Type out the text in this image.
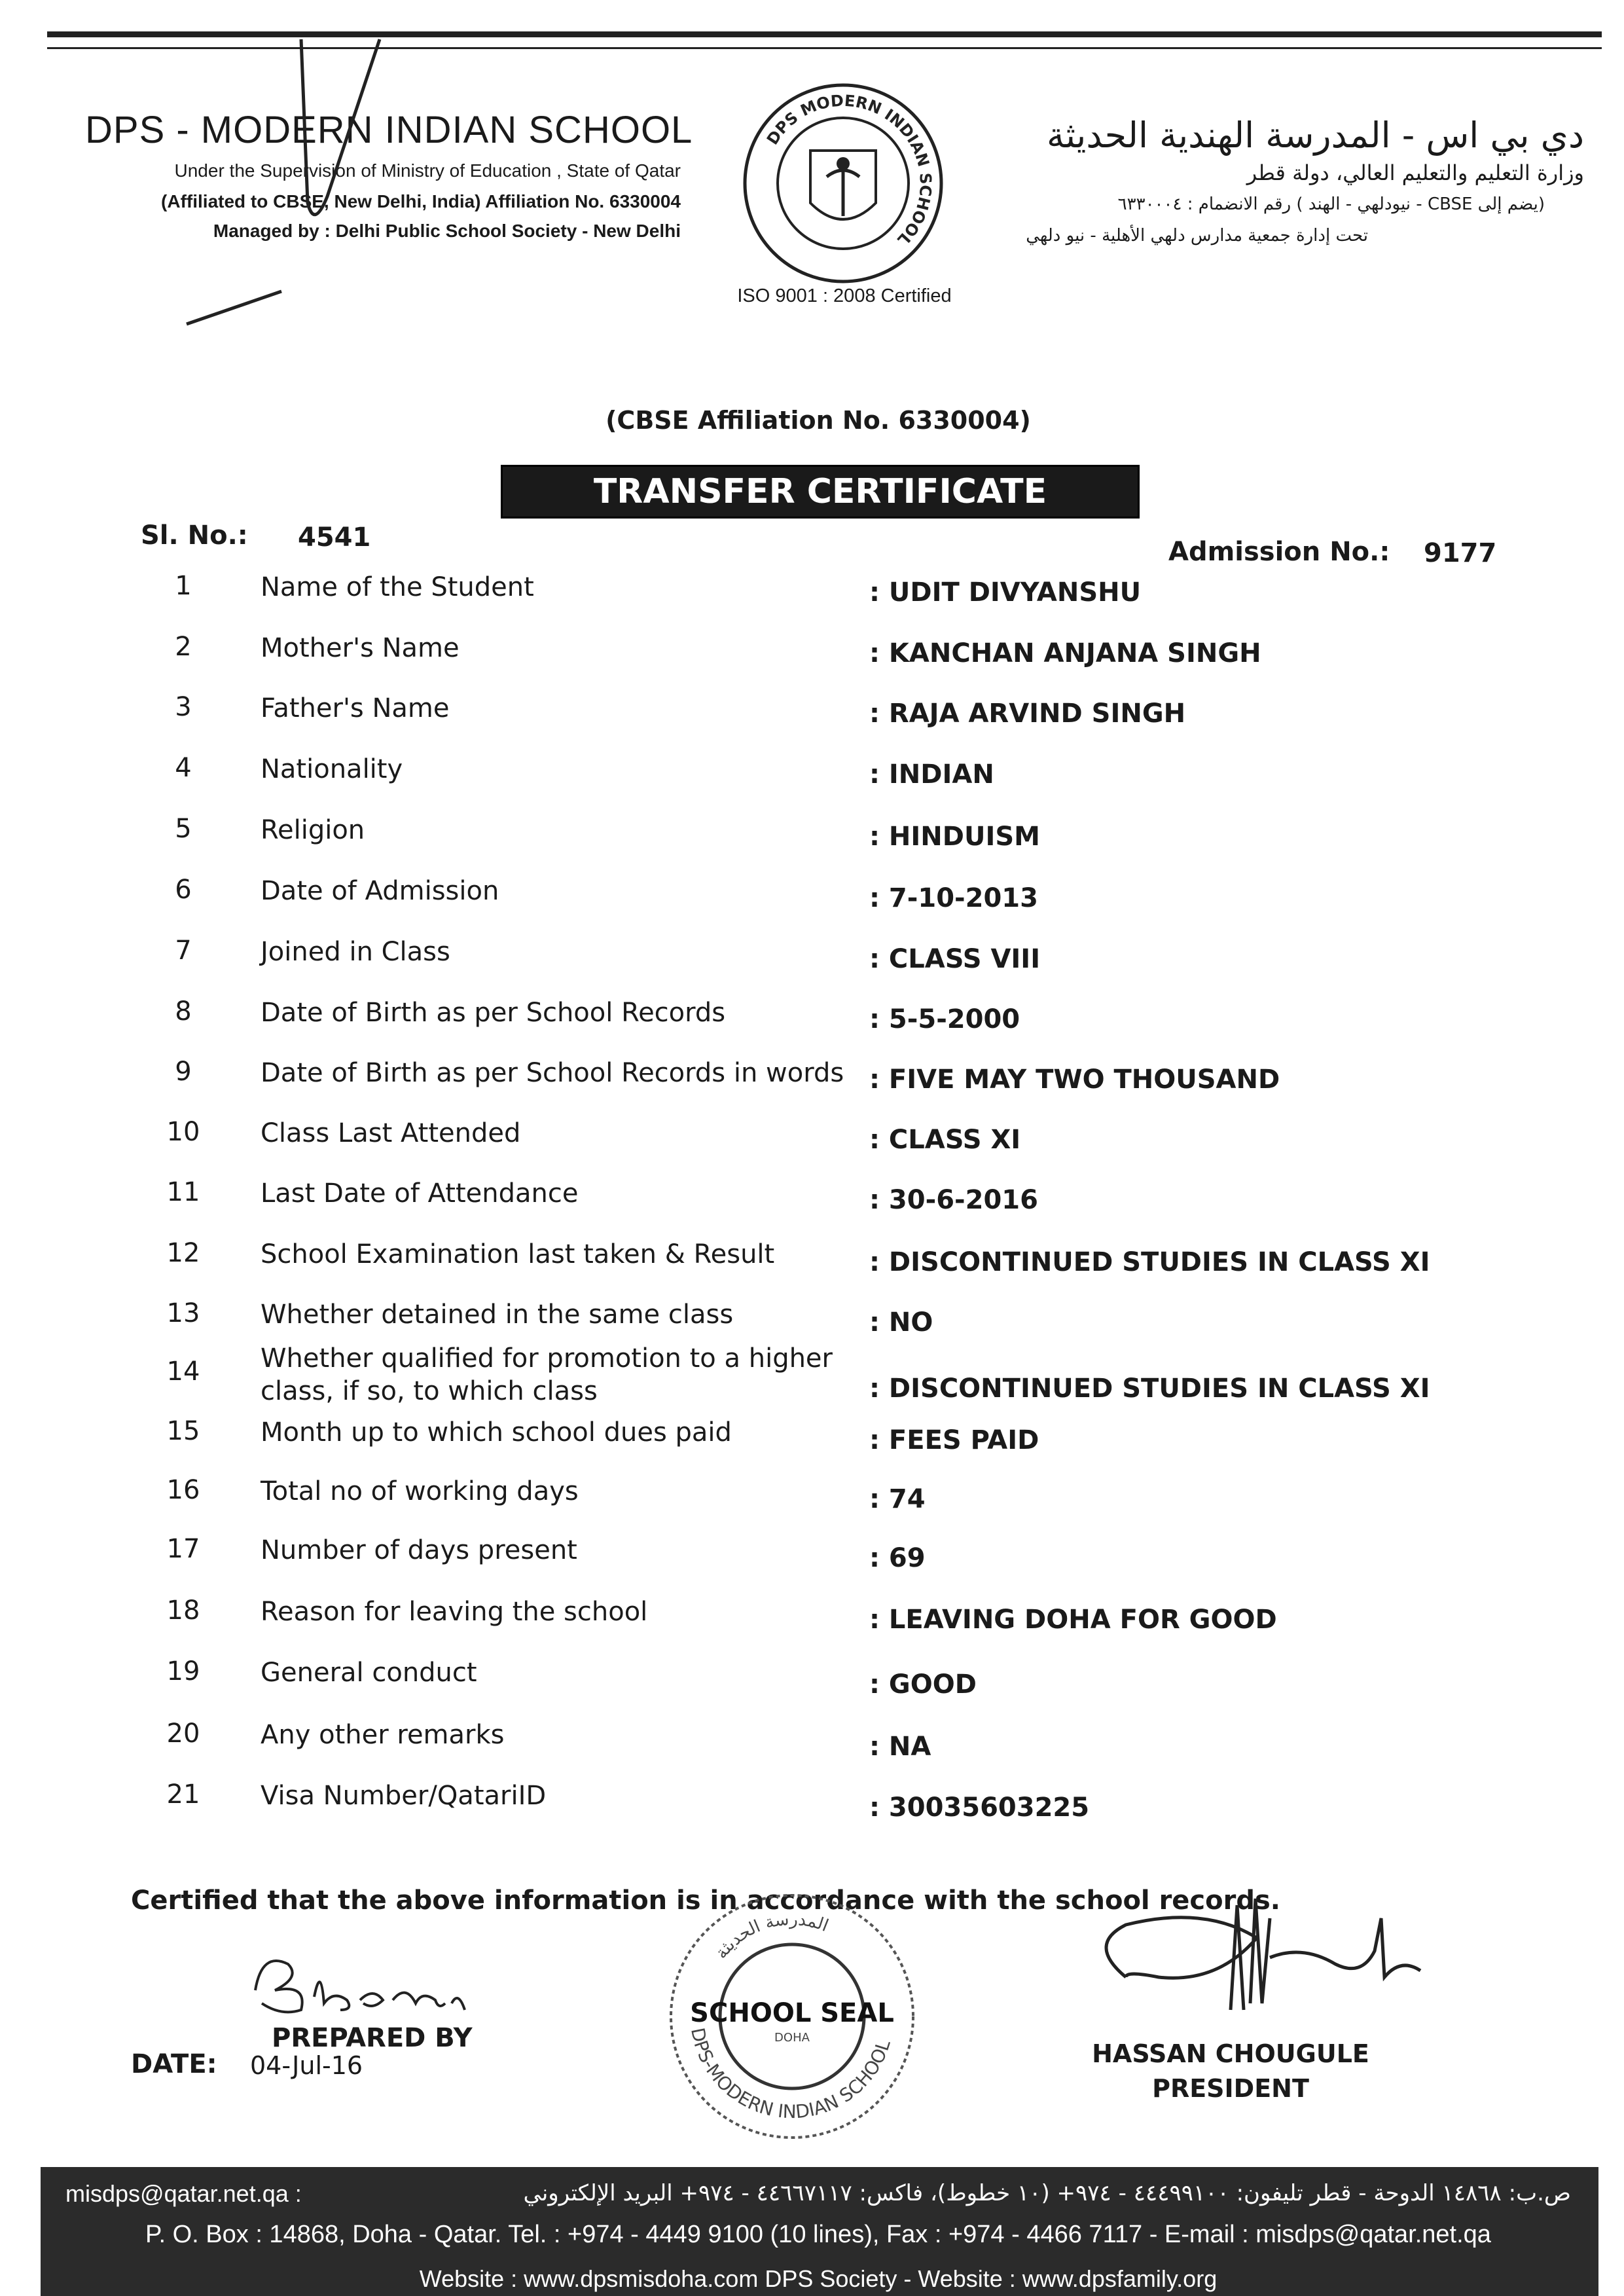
DPS - MODERN INDIAN SCHOOL
Under the Supervision of Ministry of Education , State of Qatar
(Affiliated to CBSE, New Delhi, India) Affiliation No. 6330004
Managed by : Delhi Public School Society - New Delhi
DPS MODERN INDIAN SCHOOL
ISO 9001 : 2008 Certified
دي بي اس - المدرسة الهندية الحديثة
وزارة التعليم والتعليم العالي، دولة قطر
(يضم إلى CBSE - نيودلهي - الهند ) رقم الانضمام : ٦٣٣٠٠٠٤
تحت إدارة جمعية مدارس دلهي الأهلية - نيو دلهي
(CBSE Affiliation No. 6330004)
TRANSFER CERTIFICATE
Sl. No.: 4541	Admission No.: 9177
1	Name of the Student	: UDIT DIVYANSHU
2	Mother's Name	: KANCHAN ANJANA SINGH
3	Father's Name	: RAJA ARVIND SINGH
4	Nationality	: INDIAN
5	Religion	: HINDUISM
6	Date of Admission	: 7-10-2013
7	Joined in Class	: CLASS VIII
8	Date of Birth as per School Records	: 5-5-2000
9	Date of Birth as per School Records in words : FIVE MAY TWO THOUSAND
10	Class Last Attended	: CLASS XI
11	Last Date of Attendance	: 30-6-2016
12	School Examination last taken & Result	: DISCONTINUED STUDIES IN CLASS XI
13	Whether detained in the same class	: NO
14	Whether qualified for promotion to a higher class, if so, to which class	: DISCONTINUED STUDIES IN CLASS XI
15	Month up to which school dues paid	: FEES PAID
16	Total no of working days	: 74
17	Number of days present	: 69
18	Reason for leaving the school	: LEAVING DOHA FOR GOOD
19	General conduct	: GOOD
20	Any other remarks	: NA
21	Visa Number/QatariID	: 30035603225
Certified that the above information is in accordance with the school records.
PREPARED BY
DATE: 04-Jul-16
DPS-MODERN INDIAN SCHOOL
المدرسة الحديثة
SCHOOL SEAL
DOHA
HASSAN CHOUGULE
PRESIDENT
misdps@qatar.net.qa :	ص.ب: ١٤٨٦٨ الدوحة - قطر تليفون: ٤٤٤٩٩١٠٠ - ٩٧٤+ (١٠ خطوط)، فاكس: ٤٤٦٦٧١١٧ - ٩٧٤+ البريد الإلكتروني
P. O. Box : 14868, Doha - Qatar. Tel. : +974 - 4449 9100 (10 lines), Fax : +974 - 4466 7117 - E-mail : misdps@qatar.net.qa
Website : www.dpsmisdoha.com DPS Society - Website : www.dpsfamily.org
